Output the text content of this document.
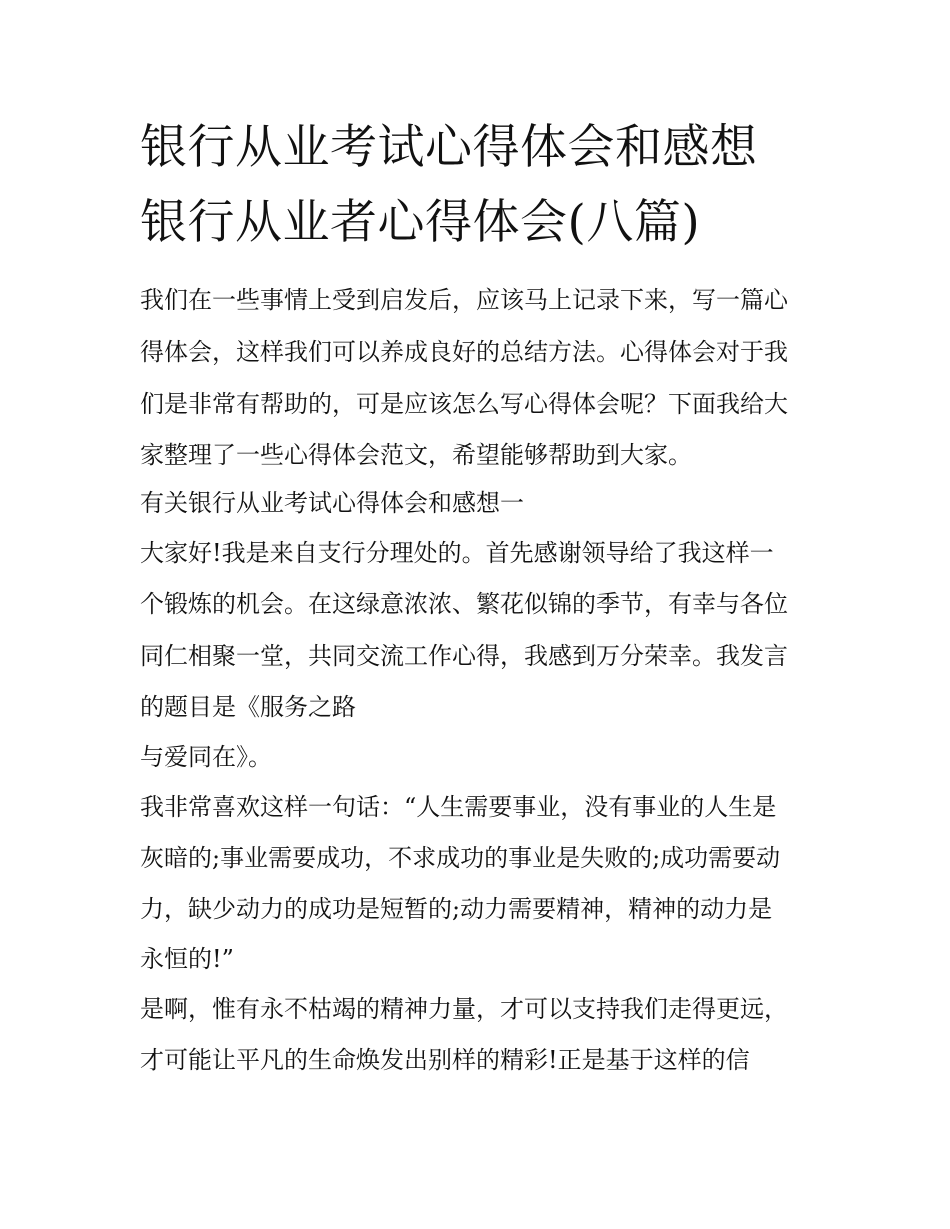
银行从业考试心得体会和感想
银行从业者心得体会(八篇)

我们在一些事情上受到启发后，应该马上记录下来，写一篇心

得体会，这样我们可以养成良好的总结方法。心得体会对于我

们是非常有帮助的，可是应该怎么写心得体会呢？下面我给大

家整理了一些心得体会范文，希望能够帮助到大家。

有关银行从业考试心得体会和感想一

大家好!我是来自支行分理处的。首先感谢领导给了我这样一

个锻炼的机会。在这绿意浓浓、繁花似锦的季节，有幸与各位

同仁相聚一堂，共同交流工作心得，我感到万分荣幸。我发言

的题目是《服务之路

与爱同在》。

我非常喜欢这样一句话：“人生需要事业，没有事业的人生是

灰暗的;事业需要成功，不求成功的事业是失败的;成功需要动

力，缺少动力的成功是短暂的;动力需要精神，精神的动力是

永恒的!”

是啊，惟有永不枯竭的精神力量，才可以支持我们走得更远，

才可能让平凡的生命焕发出别样的精彩!正是基于这样的信
